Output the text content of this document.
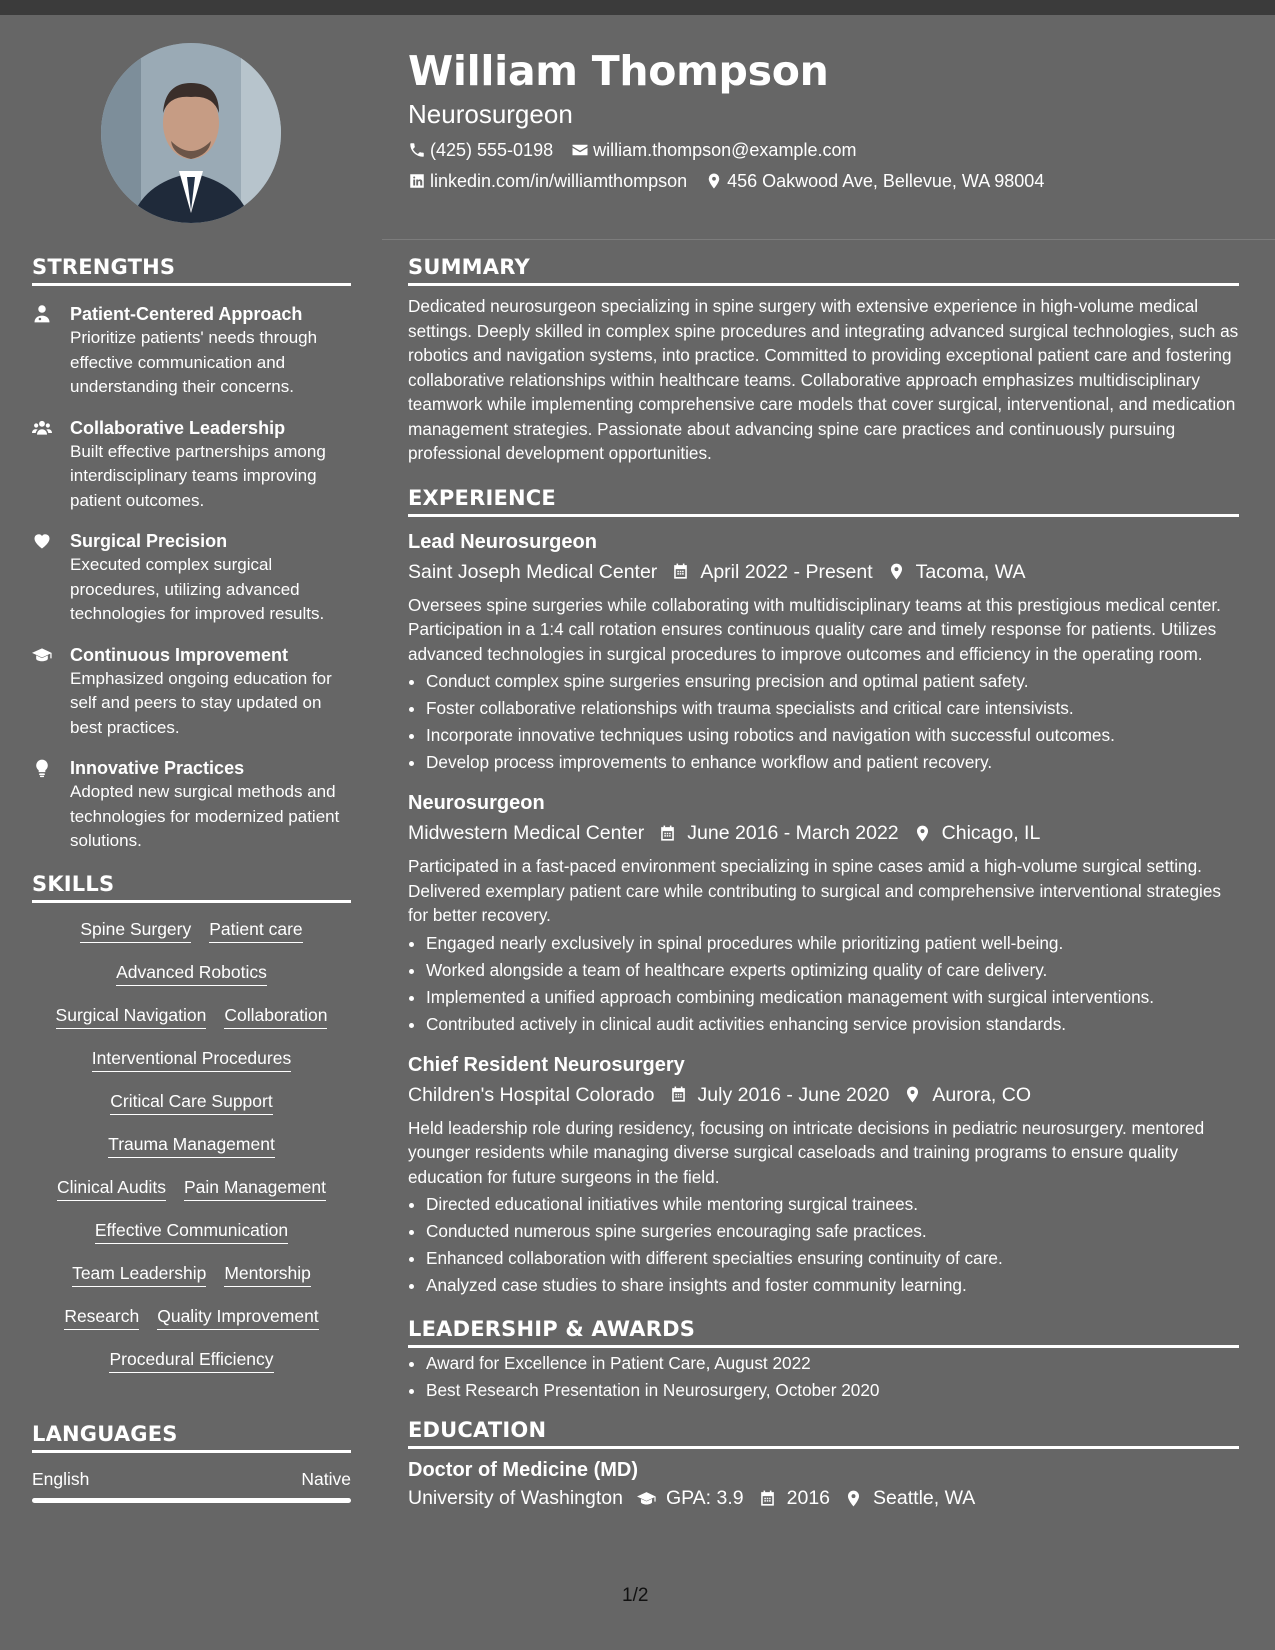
William Thompson
Neurosurgeon
(425) 555-0198 william.thompson@example.com
linkedin.com/in/williamthompson 456 Oakwood Ave, Bellevue, WA 98004
STRENGTHS
Patient-Centered Approach
Prioritize patients' needs through effective communication and understanding their concerns.
Collaborative Leadership
Built effective partnerships among interdisciplinary teams improving patient outcomes.
Surgical Precision
Executed complex surgical procedures, utilizing advanced technologies for improved results.
Continuous Improvement
Emphasized ongoing education for self and peers to stay updated on best practices.
Innovative Practices
Adopted new surgical methods and technologies for modernized patient solutions.
SKILLS
Spine Surgery Patient care
Advanced Robotics
Surgical Navigation Collaboration
Interventional Procedures
Critical Care Support
Trauma Management
Clinical Audits Pain Management
Effective Communication
Team Leadership Mentorship
Research Quality Improvement
Procedural Efficiency
LANGUAGES
English	Native
SUMMARY

Dedicated neurosurgeon specializing in spine surgery with extensive experience in high-volume medical settings. Deeply skilled in complex spine procedures and integrating advanced surgical technologies, such as robotics and navigation systems, into practice. Committed to providing exceptional patient care and fostering collaborative relationships within healthcare teams. Collaborative approach emphasizes multidisciplinary teamwork while implementing comprehensive care models that cover surgical, interventional, and medication management strategies. Passionate about advancing spine care practices and continuously pursuing professional development opportunities.

EXPERIENCE
Lead Neurosurgeon
Saint Joseph Medical Center April 2022 - Present Tacoma, WA

Oversees spine surgeries while collaborating with multidisciplinary teams at this prestigious medical center. Participation in a 1:4 call rotation ensures continuous quality care and timely response for patients. Utilizes advanced technologies in surgical procedures to improve outcomes and efficiency in the operating room.

• Conduct complex spine surgeries ensuring precision and optimal patient safety.
• Foster collaborative relationships with trauma specialists and critical care intensivists.
• Incorporate innovative techniques using robotics and navigation with successful outcomes.
• Develop process improvements to enhance workflow and patient recovery.
Neurosurgeon
Midwestern Medical Center June 2016 - March 2022 Chicago, IL

Participated in a fast-paced environment specializing in spine cases amid a high-volume surgical setting. Delivered exemplary patient care while contributing to surgical and comprehensive interventional strategies for better recovery.

• Engaged nearly exclusively in spinal procedures while prioritizing patient well-being.
• Worked alongside a team of healthcare experts optimizing quality of care delivery.
• Implemented a unified approach combining medication management with surgical interventions.
• Contributed actively in clinical audit activities enhancing service provision standards.
Chief Resident Neurosurgery
Children's Hospital Colorado July 2016 - June 2020 Aurora, CO

Held leadership role during residency, focusing on intricate decisions in pediatric neurosurgery. mentored younger residents while managing diverse surgical caseloads and training programs to ensure quality education for future surgeons in the field.

• Directed educational initiatives while mentoring surgical trainees.
• Conducted numerous spine surgeries encouraging safe practices.
• Enhanced collaboration with different specialties ensuring continuity of care.
• Analyzed case studies to share insights and foster community learning.
LEADERSHIP & AWARDS
• Award for Excellence in Patient Care, August 2022
• Best Research Presentation in Neurosurgery, October 2020
EDUCATION
Doctor of Medicine (MD)
University of Washington GPA: 3.9 2016 Seattle, WA
1/2
